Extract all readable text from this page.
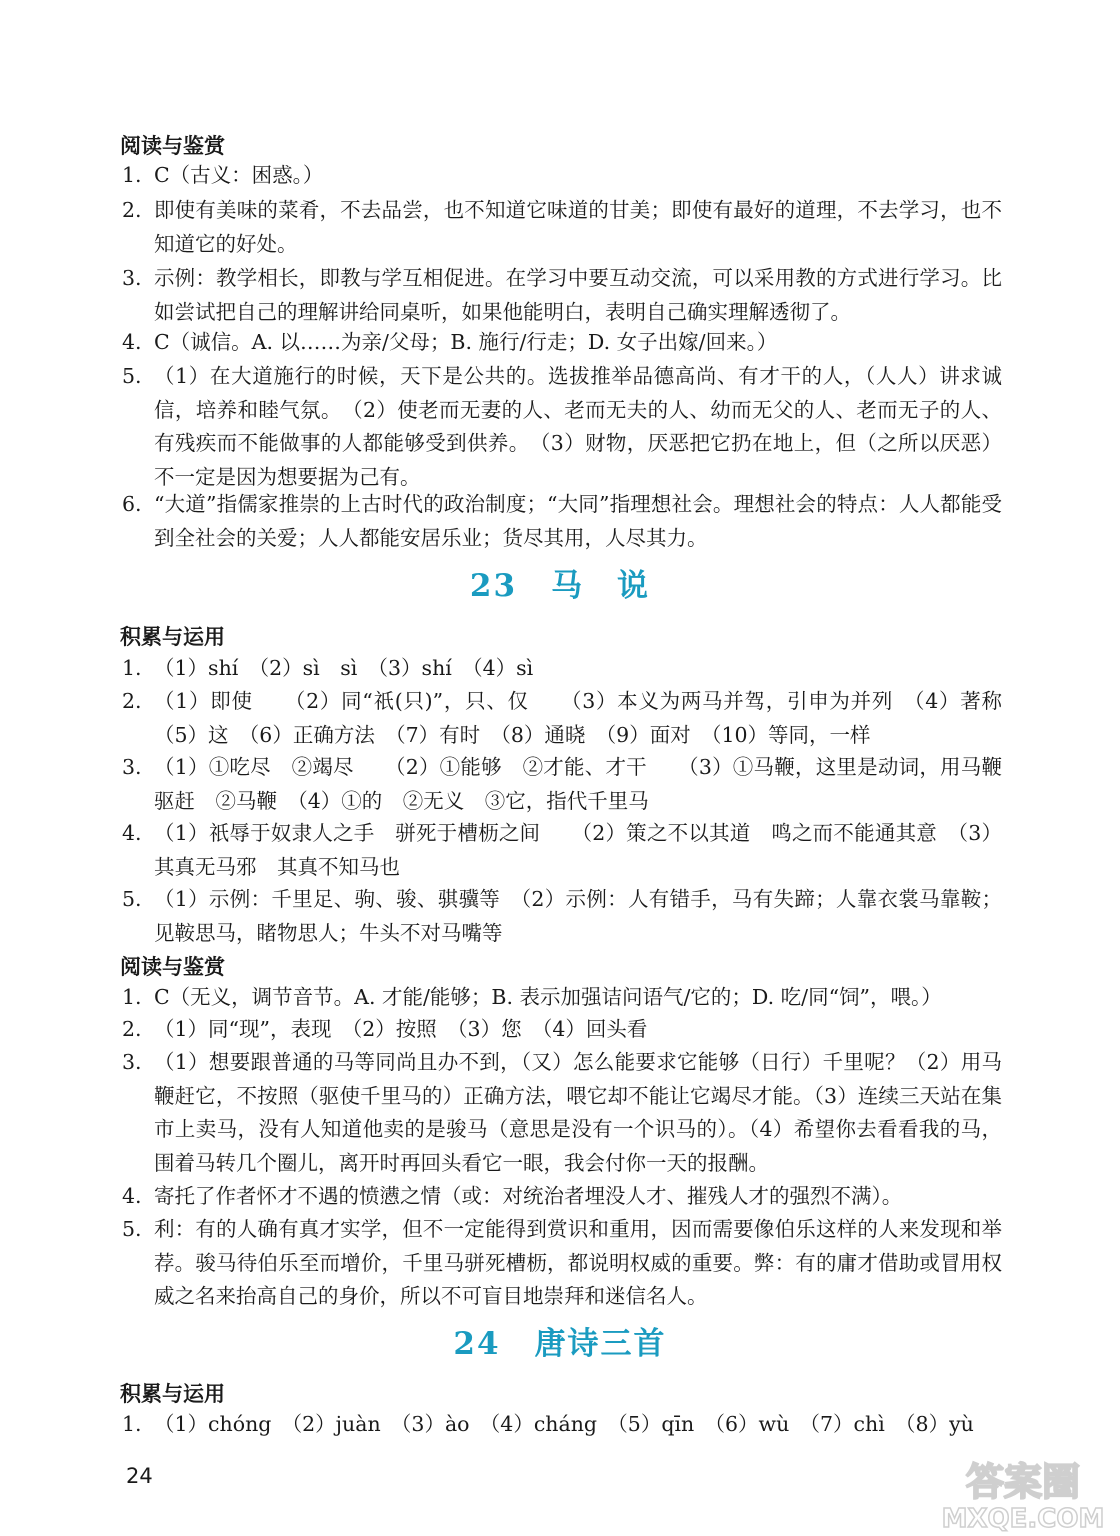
阅读与鉴赏
1. C（古义：困惑。）
2. 即使有美味的菜肴，不去品尝，也不知道它味道的甘美；即使有最好的道理，不去学习，也不知道它的好处。
3. 示例：教学相长，即教与学互相促进。在学习中要互动交流，可以采用教的方式进行学习。比如尝试把自己的理解讲给同桌听，如果他能明白，表明自己确实理解透彻了。
4. C（诚信。A. 以……为亲/父母；B. 施行/行走；D. 女子出嫁/回来。）
5. （1）在大道施行的时候，天下是公共的。选拔推举品德高尚、有才干的人，（人人）讲求诚信，培养和睦气氛。　（2）使老而无妻的人、老而无夫的人、幼而无父的人、老而无子的人、有残疾而不能做事的人都能够受到供养。　（3）财物，厌恶把它扔在地上，但（之所以厌恶）不一定是因为想要据为己有。
6. “大道”指儒家推崇的上古时代的政治制度；“大同”指理想社会。理想社会的特点：人人都能受到全社会的关爱；人人都能安居乐业；货尽其用，人尽其力。
23 马　说
积累与运用
1. （1）shí　（2）sì　sì　（3）shí　（4）sì
2. （1）即使　　（2）同“祇(只)”，只、仅　　（3）本义为两马并驾，引申为并列　（4）著称　（5）这　（6）正确方法　（7）有时　（8）通晓　（9）面对　（10）等同，一样
3. （1）①吃尽　②竭尽　　（2）①能够　②才能、才干　　（3）①马鞭，这里是动词，用马鞭驱赶　②马鞭　（4）①的　②无义　③它，指代千里马
4. （1）祇辱于奴隶人之手　骈死于槽枥之间　　（2）策之不以其道　鸣之而不能通其意　（3）其真无马邪　其真不知马也
5. （1）示例：千里足、驹、骏、骐骥等　（2）示例：人有错手，马有失蹄；人靠衣裳马靠鞍；见鞍思马，睹物思人；牛头不对马嘴等
阅读与鉴赏
1. C（无义，调节音节。A. 才能/能够；B. 表示加强诘问语气/它的；D. 吃/同“饲”，喂。）
2. （1）同“现”，表现　（2）按照　（3）您　（4）回头看
3. （1）想要跟普通的马等同尚且办不到，（又）怎么能要求它能够（日行）千里呢？（2）用马鞭赶它，不按照（驱使千里马的）正确方法，喂它却不能让它竭尽才能。（3）连续三天站在集市上卖马，没有人知道他卖的是骏马（意思是没有一个识马的）。（4）希望你去看看我的马，围着马转几个圈儿，离开时再回头看它一眼，我会付你一天的报酬。
4. 寄托了作者怀才不遇的愤懑之情（或：对统治者埋没人才、摧残人才的强烈不满）。
5. 利：有的人确有真才实学，但不一定能得到赏识和重用，因而需要像伯乐这样的人来发现和举荐。骏马待伯乐至而增价，千里马骈死槽枥，都说明权威的重要。弊：有的庸才借助或冒用权威之名来抬高自己的身价，所以不可盲目地崇拜和迷信名人。
24 唐诗三首
积累与运用
1. （1）chóng　（2）juàn　（3）ào　（4）cháng　（5）qīn　（6）wù　（7）chì　（8）yù
24	答案圈
MXQE.COM
